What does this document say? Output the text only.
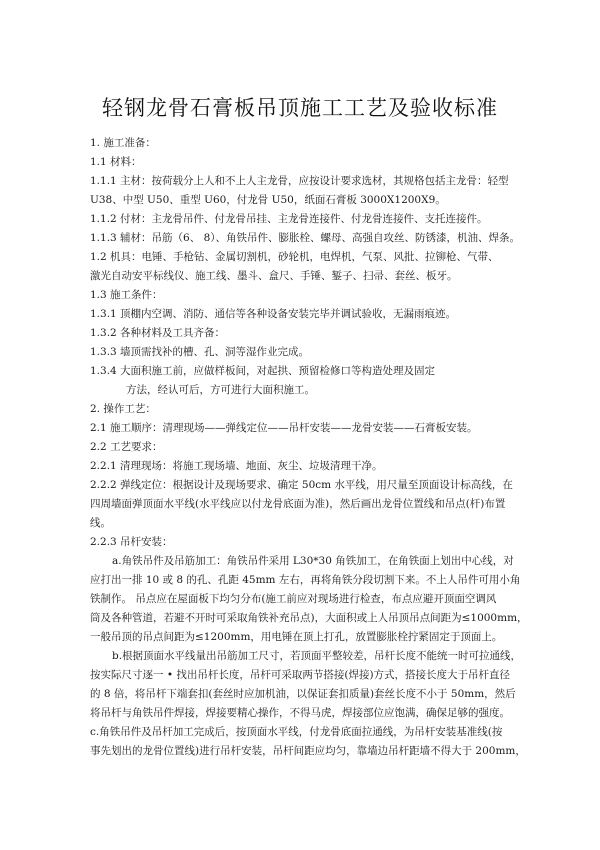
轻钢龙骨石膏板吊顶施工工艺及验收标准
1. 施工准备：
1.1 材料：
1.1.1 主材：按荷载分上人和不上人主龙骨，应按设计要求选材，其规格包括主龙骨：轻型
U38、中型 U50、重型 U60，付龙骨 U50，纸面石膏板 3000X1200X9。
1.1.2 付材：主龙骨吊件、付龙骨吊挂、主龙骨连接件、付龙骨连接件、支托连接件。
1.1.3 辅材：吊筋（6、 8）、角铁吊件、膨胀栓、螺母、高强自攻丝、防锈漆，机油、焊条。
1.2 机具：电锤、手枪钻、金属切割机，砂轮机，电焊机，气泵、风批、拉铆枪、气带、
激光自动安平标线仪、施工线、墨斗、盒尺、手锤、錾子、扫帚、套丝、板牙。
1.3 施工条件：
1.3.1 顶棚内空调、消防、通信等各种设备安装完毕并调试验收，无漏雨痕迹。
1.3.2 各种材料及工具齐备：
1.3.3 墙顶需找补的槽、孔、洞等湿作业完成。
1.3.4 大面积施工前，应做样板间，对起拱、预留检修口等构造处理及固定
方法，经认可后，方可进行大面积施工。
2. 操作工艺：
2.1 施工顺序：清理现场——弹线定位——吊杆安装——龙骨安装——石膏板安装。
2.2 工艺要求：
2.2.1 清理现场：将施工现场墙、地面、灰尘、垃圾清理干净。
2.2.2 弹线定位：根据设计及现场要求、确定 50cm 水平线，用尺量至顶面设计标高线，在
四周墙面弹顶面水平线(水平线应以付龙骨底面为准)，然后画出龙骨位置线和吊点(杆)布置
线。
2.2.3 吊杆安装：
a.角铁吊件及吊筋加工：角铁吊件采用 L30*30 角铁加工，在角铁面上划出中心线，对
应打出一排 10 或 8 的孔、孔距 45mm 左右，再将角铁分段切割下来。不上人吊件可用小角
铁制作。 吊点应在屋面板下均匀分布(施工前应对现场进行检查，布点应避开顶面空调风
筒及各种管道，若避不开时可采取角铁补充吊点)，大面积或上人吊顶吊点间距为≤1000mm，
一般吊顶的吊点间距为≤1200mm，用电锤在顶上打孔，放置膨胀栓拧紧固定于顶面上。
b.根据顶面水平线量出吊筋加工尺寸，若顶面平整较差，吊杆长度不能统一时可拉通线，
按实际尺寸逐一 • 找出吊杆长度，吊杆可采取两节搭接(焊接)方式，搭接长度大于吊杆直径
的 8 倍，将吊杆下端套扣(套丝时应加机油，以保证套扣质量)套丝长度不小于 50mm，然后
将吊杆与角铁吊件焊接，焊接要精心操作，不得马虎，焊接部位应饱满，确保足够的强度。
c.角铁吊件及吊杆加工完成后，按顶面水平线，付龙骨底面拉通线，为吊杆安装基准线(按
事先划出的龙骨位置线)进行吊杆安装，吊杆间距应均匀，靠墙边吊杆距墙不得大于 200mm，
